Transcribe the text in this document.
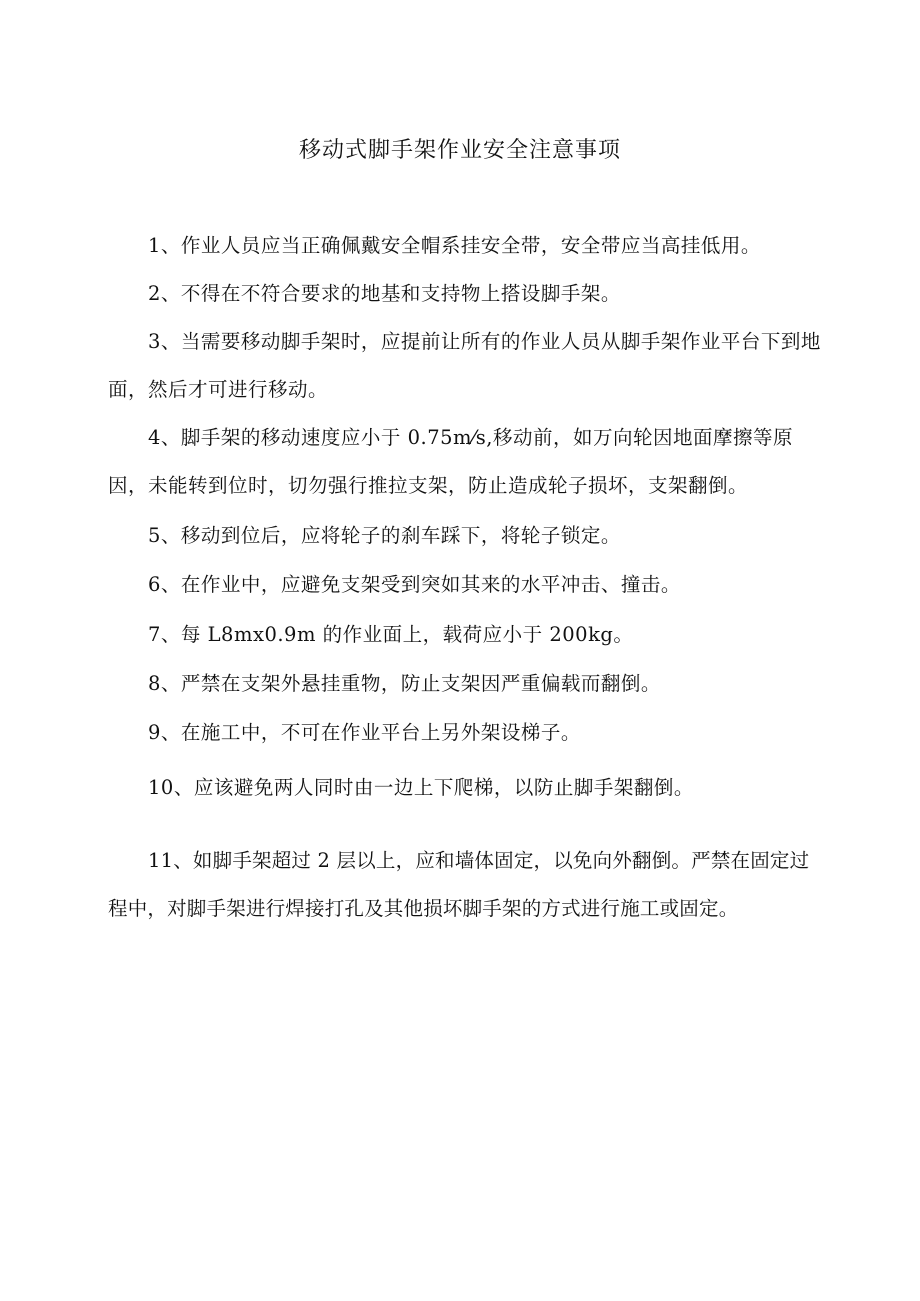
移动式脚手架作业安全注意事项

1、作业人员应当正确佩戴安全帽系挂安全带，安全带应当高挂低用。

2、不得在不符合要求的地基和支持物上搭设脚手架。

3、当需要移动脚手架时，应提前让所有的作业人员从脚手架作业平台下到地面，然后才可进行移动。

4、脚手架的移动速度应小于 0.75m⁄s,移动前，如万向轮因地面摩擦等原因，未能转到位时，切勿强行推拉支架，防止造成轮子损坏，支架翻倒。

5、移动到位后，应将轮子的刹车踩下，将轮子锁定。

6、在作业中，应避免支架受到突如其来的水平冲击、撞击。

7、每 L8mx0.9m 的作业面上，载荷应小于 200kg。

8、严禁在支架外悬挂重物，防止支架因严重偏载而翻倒。

9、在施工中，不可在作业平台上另外架设梯子。

10、应该避免两人同时由一边上下爬梯，以防止脚手架翻倒。

11、如脚手架超过 2 层以上，应和墙体固定，以免向外翻倒。严禁在固定过程中，对脚手架进行焊接打孔及其他损坏脚手架的方式进行施工或固定。
